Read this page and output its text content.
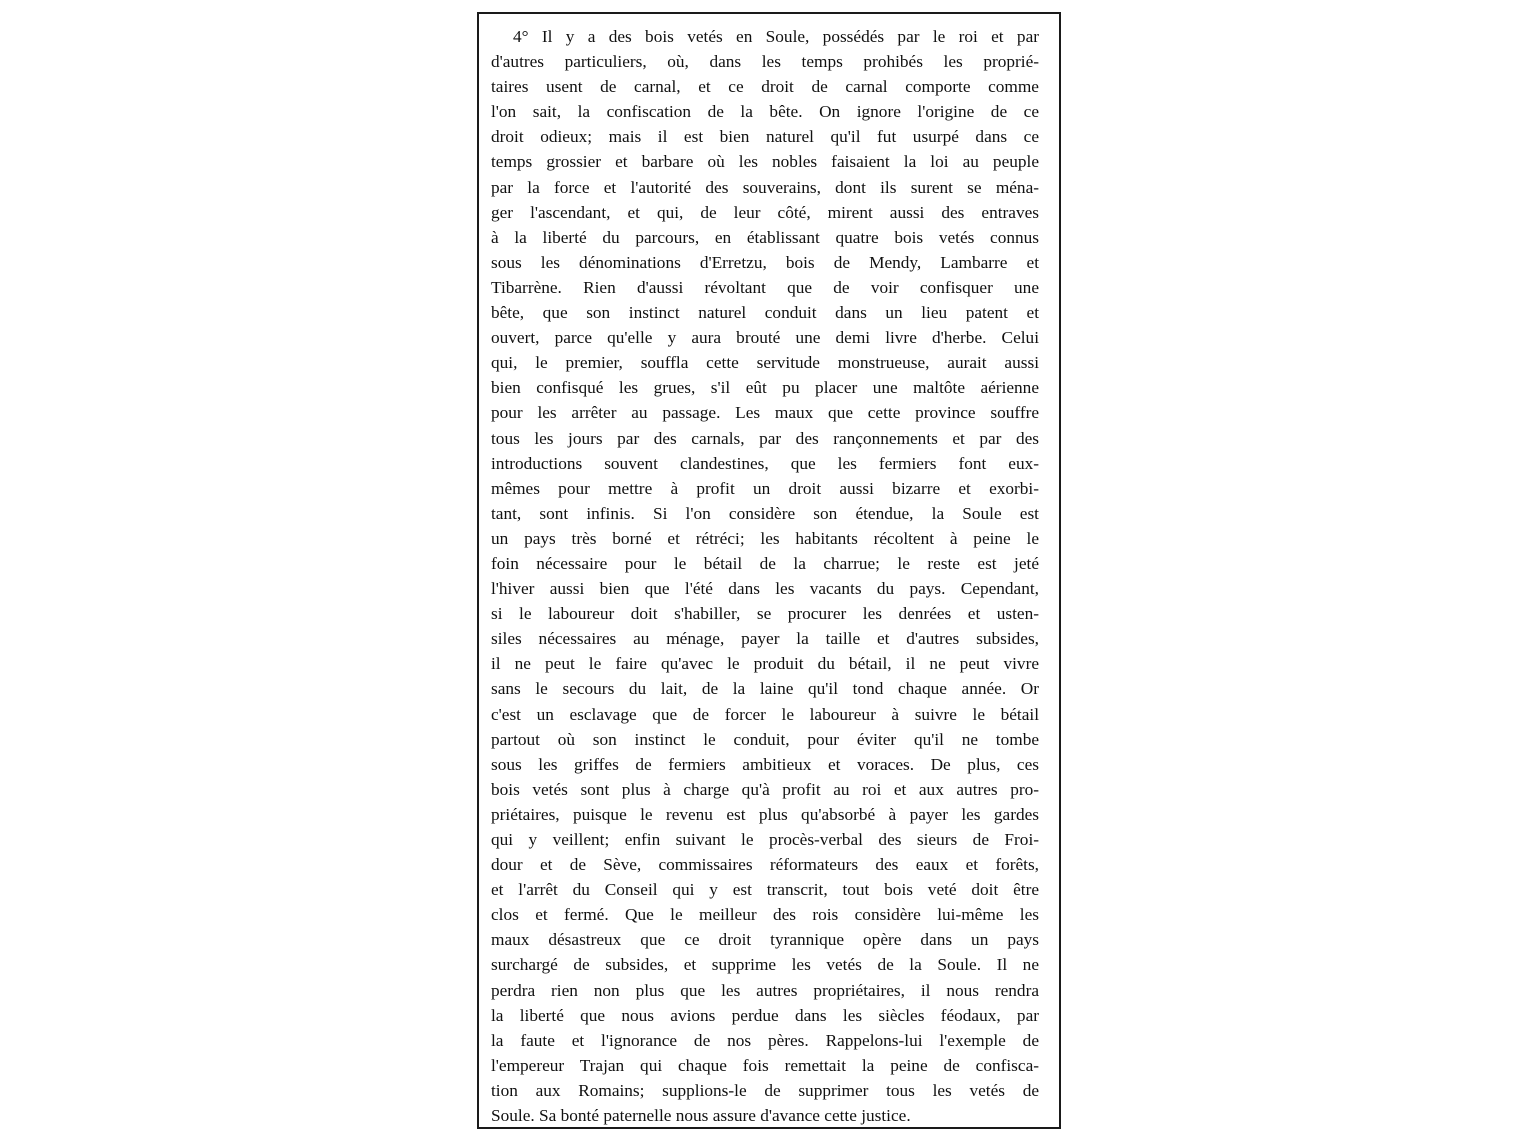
4° Il y a des bois vetés en Soule, possédés par le roi et par
d'autres particuliers, où, dans les temps prohibés les proprié-
taires usent de carnal, et ce droit de carnal comporte comme
l'on sait, la confiscation de la bête. On ignore l'origine de ce
droit odieux; mais il est bien naturel qu'il fut usurpé dans ce
temps grossier et barbare où les nobles faisaient la loi au peuple
par la force et l'autorité des souverains, dont ils surent se ména-
ger l'ascendant, et qui, de leur côté, mirent aussi des entraves
à la liberté du parcours, en établissant quatre bois vetés connus
sous les dénominations d'Erretzu, bois de Mendy, Lambarre et
Tibarrène. Rien d'aussi révoltant que de voir confisquer une
bête, que son instinct naturel conduit dans un lieu patent et
ouvert, parce qu'elle y aura brouté une demi livre d'herbe. Celui
qui, le premier, souffla cette servitude monstrueuse, aurait aussi
bien confisqué les grues, s'il eût pu placer une maltôte aérienne
pour les arrêter au passage. Les maux que cette province souffre
tous les jours par des carnals, par des rançonnements et par des
introductions souvent clandestines, que les fermiers font eux-
mêmes pour mettre à profit un droit aussi bizarre et exorbi-
tant, sont infinis. Si l'on considère son étendue, la Soule est
un pays très borné et rétréci; les habitants récoltent à peine le
foin nécessaire pour le bétail de la charrue; le reste est jeté
l'hiver aussi bien que l'été dans les vacants du pays. Cependant,
si le laboureur doit s'habiller, se procurer les denrées et usten-
siles nécessaires au ménage, payer la taille et d'autres subsides,
il ne peut le faire qu'avec le produit du bétail, il ne peut vivre
sans le secours du lait, de la laine qu'il tond chaque année. Or
c'est un esclavage que de forcer le laboureur à suivre le bétail
partout où son instinct le conduit, pour éviter qu'il ne tombe
sous les griffes de fermiers ambitieux et voraces. De plus, ces
bois vetés sont plus à charge qu'à profit au roi et aux autres pro-
priétaires, puisque le revenu est plus qu'absorbé à payer les gardes
qui y veillent; enfin suivant le procès-verbal des sieurs de Froi-
dour et de Sève, commissaires réformateurs des eaux et forêts,
et l'arrêt du Conseil qui y est transcrit, tout bois veté doit être
clos et fermé. Que le meilleur des rois considère lui-même les
maux désastreux que ce droit tyrannique opère dans un pays
surchargé de subsides, et supprime les vetés de la Soule. Il ne
perdra rien non plus que les autres propriétaires, il nous rendra
la liberté que nous avions perdue dans les siècles féodaux, par
la faute et l'ignorance de nos pères. Rappelons-lui l'exemple de
l'empereur Trajan qui chaque fois remettait la peine de confisca-
tion aux Romains; supplions-le de supprimer tous les vetés de
Soule. Sa bonté paternelle nous assure d'avance cette justice.
